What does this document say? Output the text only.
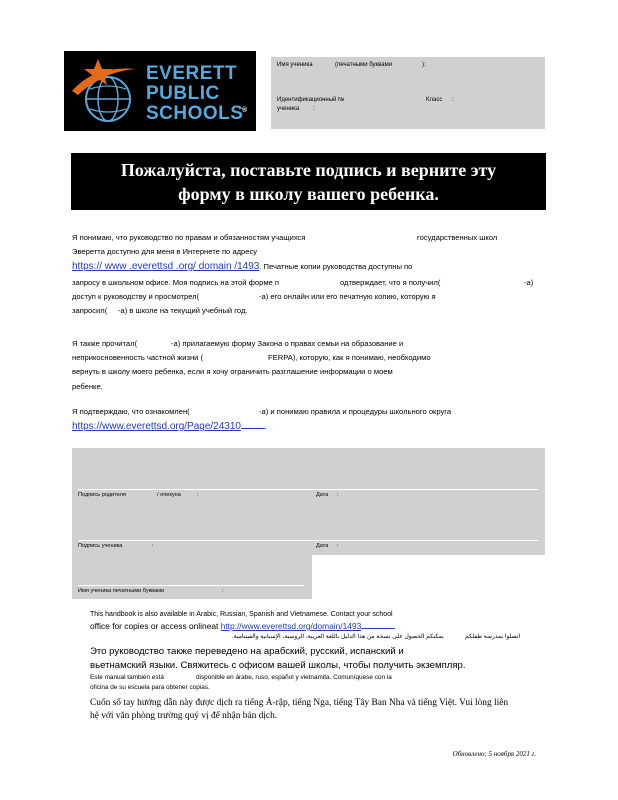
EVERETT
PUBLIC
SCHOOLS
®
Имя ученика	(печатными буквами	):
Идентификационный №
ученика :
Класс :
Пожалуйста, поставьте подпись и верните эту
форму в школу вашего ребенка.
Я понимаю, что руководство по правам и обязанностям учащихся	государственных школ
Эверетта доступно для меня в Интернете по адресу
https:// www .everettsd .org/ domain /1493. Печатные копии руководства доступны по
запросу в школьном офисе. Моя подпись на этой форме п	одтверждает, что я получил(	-а)
доступ к руководству и просмотрел(	-а) его онлайн или его печатную копию, которую я
запросил( -а) в школе на текущий учебный год.
Я также прочитал(	-а) прилагаемую форму Закона о правах семьи на образование и
неприкосновенность частной жизни (	FERPA), которую, как я понимаю, необходимо
вернуть в школу моего ребенка, если я хочу ограничить разглашение информации о моем
ребенке.
Я подтверждаю, что ознакомлен(	-а) и понимаю правила и процедуры школьного округа
https://www.everettsd.org/Page/24310	.
Подпись родителя	/ опекуна	:	Дата :
Подпись ученика	:	Дата :
Имя ученика печатными буквами	:
This handbook is also available in Arabic, Russian, Spanish and Vietnamese. Contact your school
office for copies or access onlineat http://www.everettsd.org/domain/1493
يمكنكم الحصول على نسخة من هذا الدليل باللغة العربية، الروسية، الإسبانية والفيتنامية.	اتصلوا بمدرسة طفلكم
Это руководство также переведено на арабский, русский, испанский и
вьетнамский языки. Свяжитесь с офисом вашей школы, чтобы получить экземпляр.
Este manual también está	disponible en árabe, ruso, español y vietnamita. Comuníquese con la
oficina de su escuela para obtener copias.
Cuốn sổ tay hướng dẫn này được dịch ra tiếng Ả-rập, tiếng Nga, tiếng Tây Ban Nha và tiếng Việt. Vui lòng liên
hệ với văn phòng trường quý vị để nhận bản dịch.
Обновлено: 5 ноября 2021 г.
